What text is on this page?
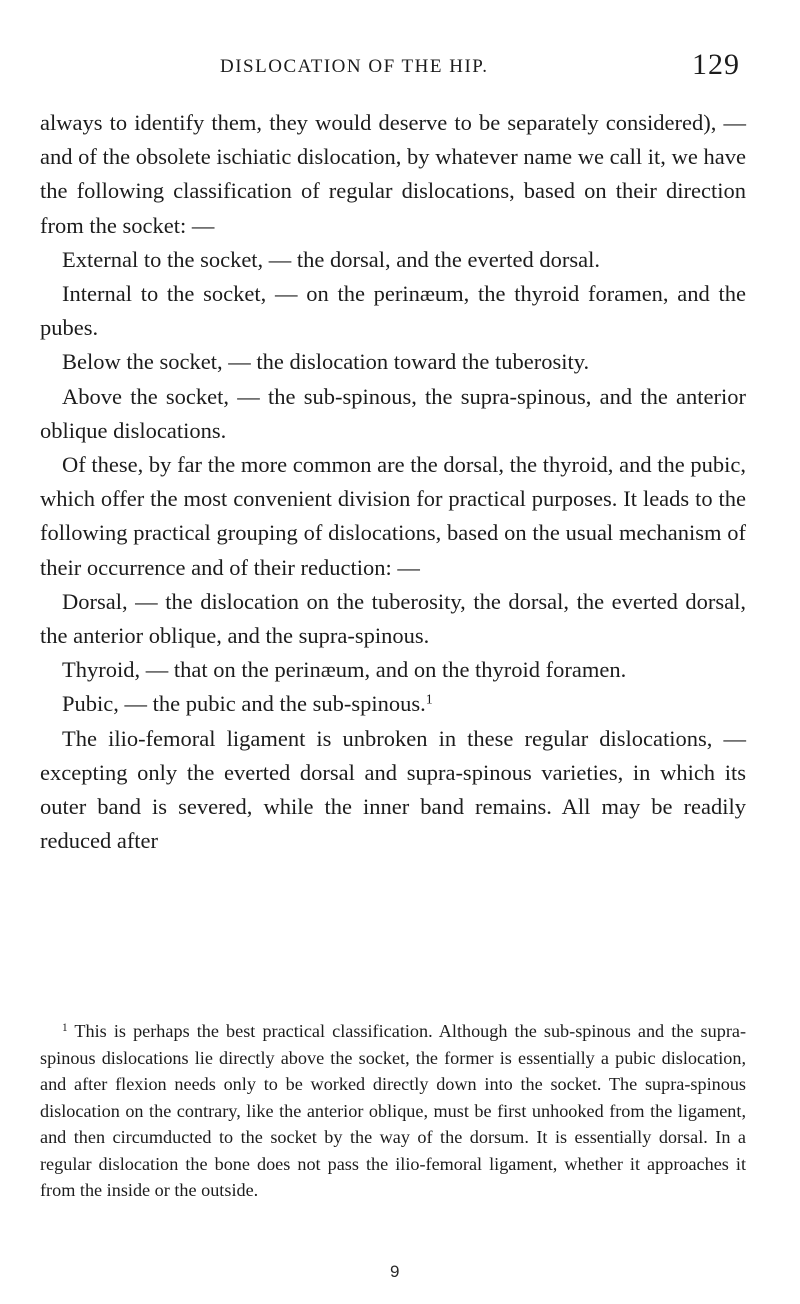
DISLOCATION OF THE HIP.	129

always to identify them, they would deserve to be separately considered), — and of the obsolete ischiatic dislocation, by whatever name we call it, we have the following classification of regular dislocations, based on their direction from the socket: —

External to the socket, — the dorsal, and the everted dorsal.

Internal to the socket, — on the perinæum, the thyroid foramen, and the pubes.

Below the socket, — the dislocation toward the tuberosity.

Above the socket, — the sub-spinous, the supra-spinous, and the anterior oblique dislocations.

Of these, by far the more common are the dorsal, the thyroid, and the pubic, which offer the most convenient division for practical purposes. It leads to the following practical grouping of dislocations, based on the usual mechanism of their occurrence and of their reduction: —

Dorsal, — the dislocation on the tuberosity, the dorsal, the everted dorsal, the anterior oblique, and the supra-spinous.

Thyroid, — that on the perinæum, and on the thyroid foramen.

Pubic, — the pubic and the sub-spinous.$^1$

The ilio-femoral ligament is unbroken in these regular dislocations, — excepting only the everted dorsal and supra-spinous varieties, in which its outer band is severed, while the inner band remains. All may be readily reduced after

$^1$ This is perhaps the best practical classification. Although the sub-spinous and the supra-spinous dislocations lie directly above the socket, the former is essentially a pubic dislocation, and after flexion needs only to be worked directly down into the socket. The supra-spinous dislocation on the contrary, like the anterior oblique, must be first unhooked from the ligament, and then circumducted to the socket by the way of the dorsum. It is essentially dorsal. In a regular dislocation the bone does not pass the ilio-femoral ligament, whether it approaches it from the inside or the outside.

9
